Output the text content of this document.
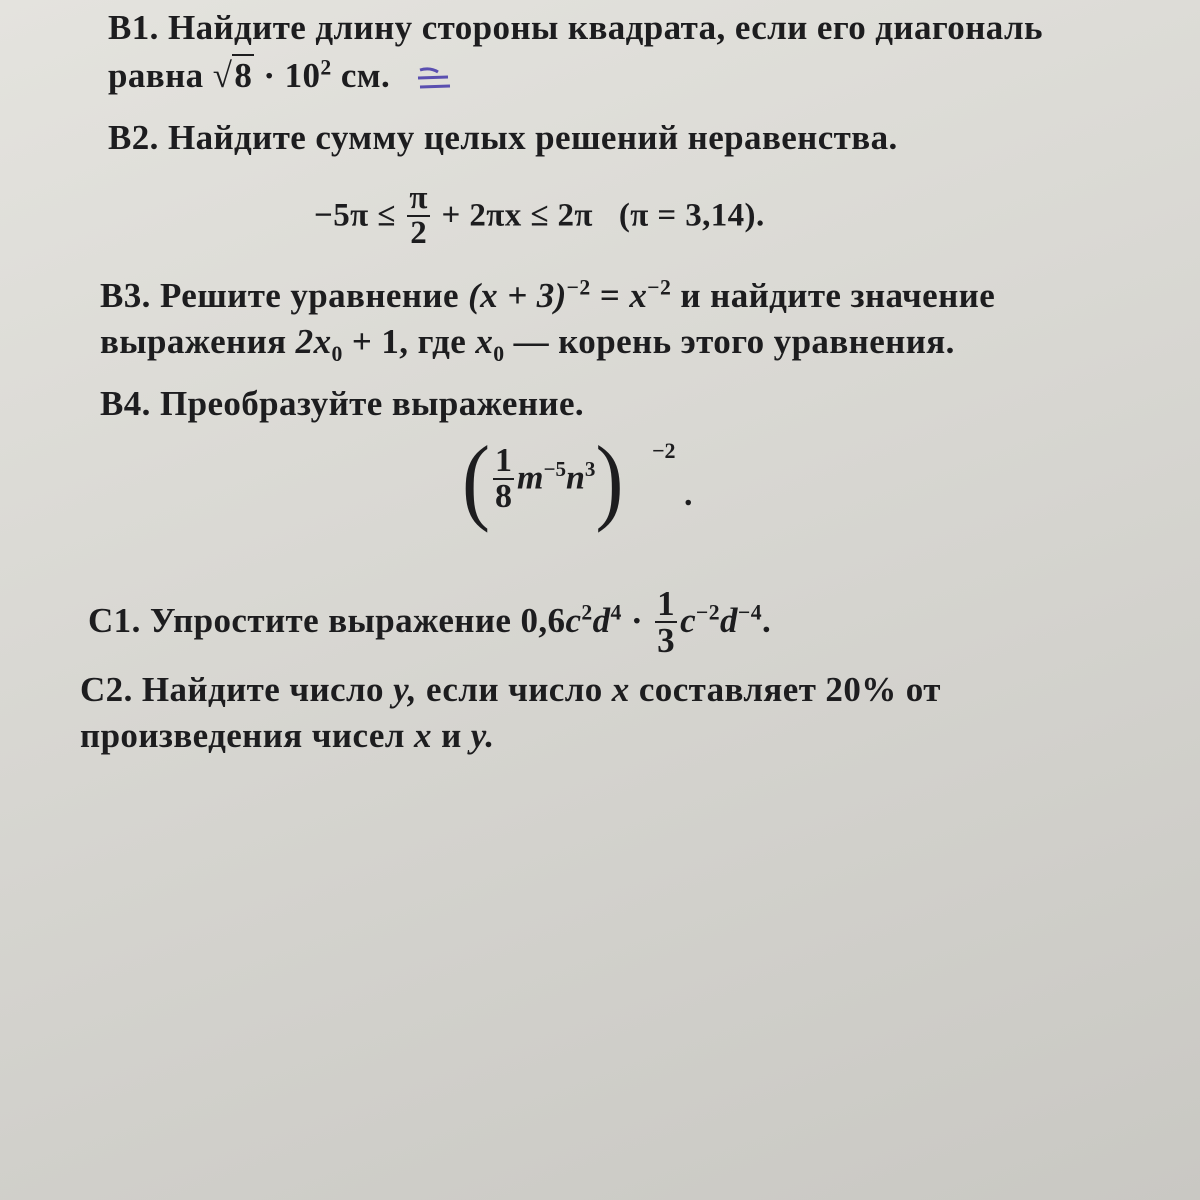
B1. Найдите длину стороны квадрата, если его диагональ
равна $√8 \cdot 10^2$ см.
B2. Найдите сумму целых решений неравенства.
$-5\pi \le \frac{\pi}{2} + 2\pi x \le 2\pi$ (π = 3,14).
B3. Решите уравнение $(x + 3)^{-2} = x^{-2}$ и найдите значение
выражения $2x_0 + 1$, где $x_0$ — корень этого уравнения.
B4. Преобразуйте выражение.
( $\frac{1}{8} m^{-5}n^3) -2$
.
C1. Упростите выражение $0,6c^2d^4 \cdot \frac{1}{3} c^{-2}d^{-4}$.
C2. Найдите число y, если число x составляет 20% от
произведения чисел x и y.
